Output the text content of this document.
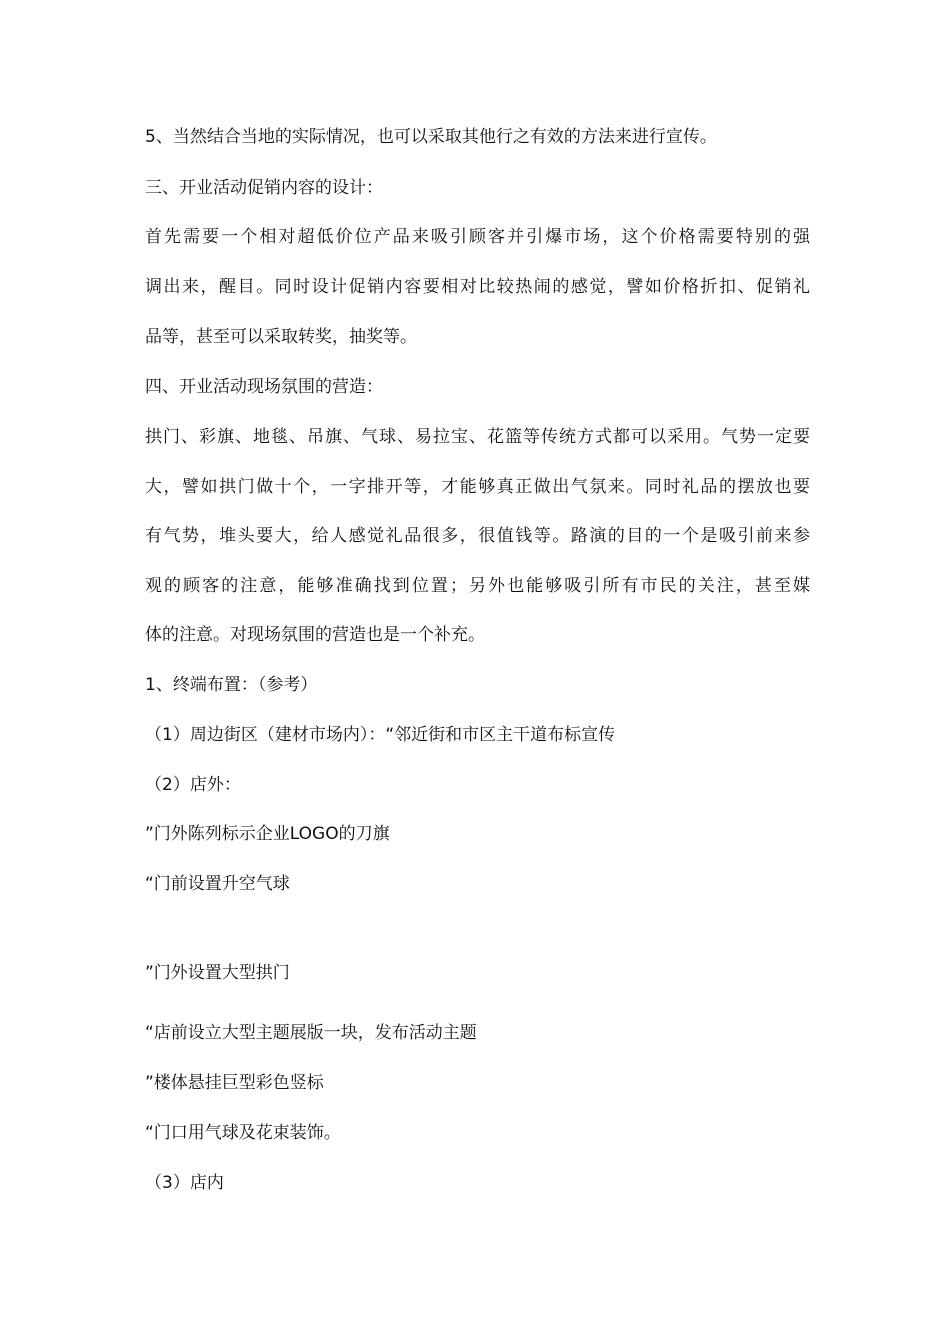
5、当然结合当地的实际情况，也可以采取其他行之有效的方法来进行宣传。
三、开业活动促销内容的设计：
首先需要一个相对超低价位产品来吸引顾客并引爆市场，这个价格需要特别的强
调出来，醒目。同时设计促销内容要相对比较热闹的感觉，譬如价格折扣、促销礼
品等，甚至可以采取转奖，抽奖等。
四、开业活动现场氛围的营造：
拱门、彩旗、地毯、吊旗、气球、易拉宝、花篮等传统方式都可以采用。气势一定要
大，譬如拱门做十个，一字排开等，才能够真正做出气氛来。同时礼品的摆放也要
有气势，堆头要大，给人感觉礼品很多，很值钱等。路演的目的一个是吸引前来参
观的顾客的注意，能够准确找到位置；另外也能够吸引所有市民的关注，甚至媒
体的注意。对现场氛围的营造也是一个补充。
1、终端布置：（参考）
（1）周边街区（建材市场内）：“邻近街和市区主干道布标宣传
（2）店外：
”门外陈列标示企业LOGO的刀旗
“门前设置升空气球
”门外设置大型拱门
“店前设立大型主题展版一块，发布活动主题
”楼体悬挂巨型彩色竖标
“门口用气球及花束装饰。
（3）店内
